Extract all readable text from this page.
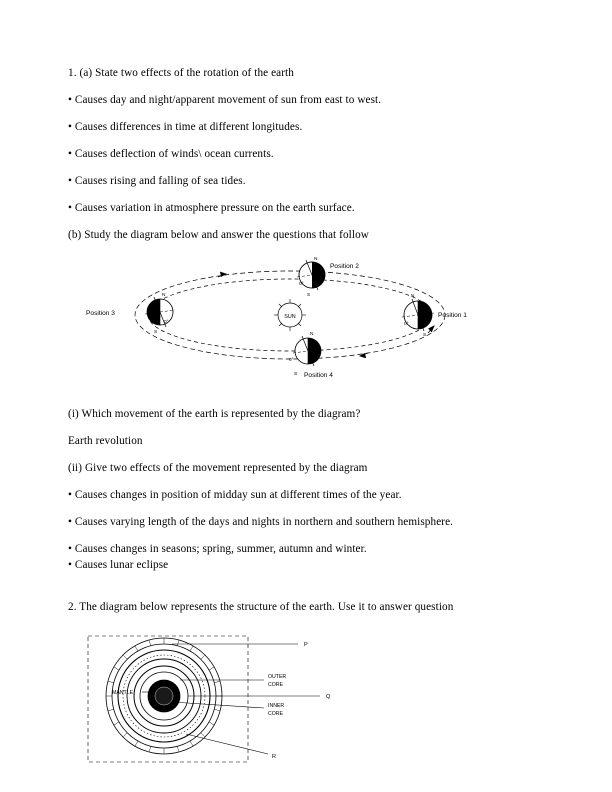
1. (a) State two effects of the rotation of the earth

• Causes day and night/apparent movement of sun from east to west.

• Causes differences in time at different longitudes.

• Causes deflection of winds\ ocean currents.

• Causes rising and falling of sea tides.

• Causes variation in atmosphere pressure on the earth surface.

(b) Study the diagram below and answer the questions that follow

SUN
N
S
0°
Position 1
N
S
0°
Position 2
N
S
0°
Position 3
N
S
0°
Position 4

(i) Which movement of the earth is represented by the diagram?

Earth revolution

(ii) Give two effects of the movement represented by the diagram

• Causes changes in position of midday sun at different times of the year.

• Causes varying length of the days and nights in northern and southern hemisphere.

• Causes changes in seasons; spring, summer, autumn and winter.

• Causes lunar eclipse

2. The diagram below represents the structure of the earth. Use it to answer question

P
Q
R
OUTER
CORE
INNER
CORE
MANTLE
